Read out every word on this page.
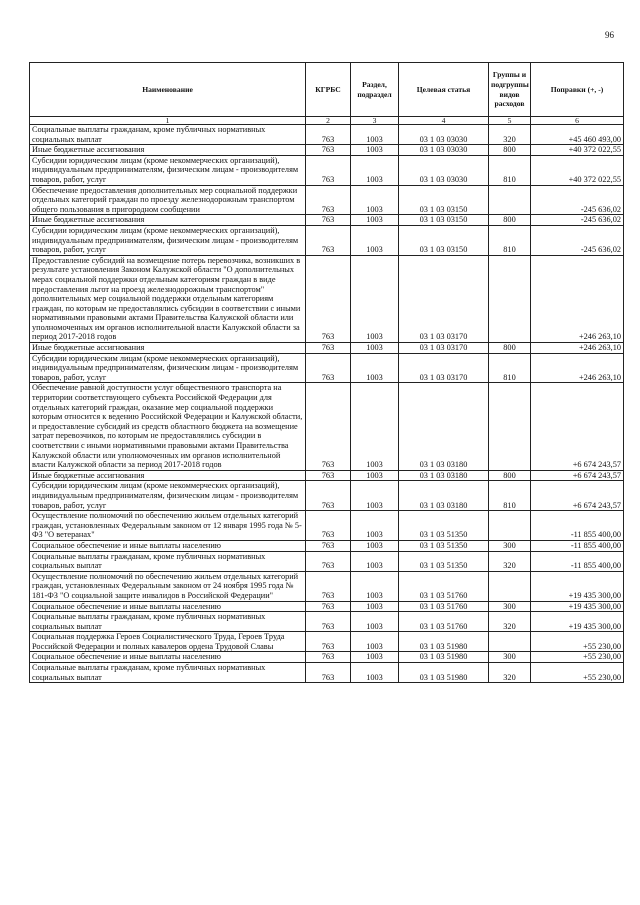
96
Наименование	КГРБС	Раздел, подраздел	Целевая статья	Группы и подгруппы видов расходов	Поправки (+, -)
1	2	3	4	5	6
Социальные выплаты гражданам, кроме публичных нормативных социальных выплат	763	1003	03 1 03 03030	320	+45 460 493,00
Иные бюджетные ассигнования	763	1003	03 1 03 03030	800	+40 372 022,55
Субсидии юридическим лицам (кроме некоммерческих организаций), индивидуальным предпринимателям, физическим лицам - производителям товаров, работ, услуг	763	1003	03 1 03 03030	810	+40 372 022,55
Обеспечение предоставления дополнительных мер социальной поддержки отдельных категорий граждан по проезду железнодорожным транспортом общего пользования в пригородном сообщении	763	1003	03 1 03 03150		-245 636,02
Иные бюджетные ассигнования	763	1003	03 1 03 03150	800	-245 636,02
Субсидии юридическим лицам (кроме некоммерческих организаций), индивидуальным предпринимателям, физическим лицам - производителям товаров, работ, услуг	763	1003	03 1 03 03150	810	-245 636,02
Предоставление субсидий на возмещение потерь перевозчика, возникших в результате установления Законом Калужской области "О дополнительных мерах социальной поддержки отдельным категориям граждан в виде предоставления льгот на проезд железнодорожным транспортом" дополнительных мер социальной поддержки отдельным категориям граждан, по которым не предоставлялись субсидии в соответствии с иными нормативными правовыми актами Правительства Калужской области или уполномоченных им органов исполнительной власти Калужской области за период 2017-2018 годов	763	1003	03 1 03 03170		+246 263,10
Иные бюджетные ассигнования	763	1003	03 1 03 03170	800	+246 263,10
Субсидии юридическим лицам (кроме некоммерческих организаций), индивидуальным предпринимателям, физическим лицам - производителям товаров, работ, услуг	763	1003	03 1 03 03170	810	+246 263,10
Обеспечение равной доступности услуг общественного транспорта на территории соответствующего субъекта Российской Федерации для отдельных категорий граждан, оказание мер социальной поддержки которым относится к ведению Российской Федерации и Калужской области, и предоставление субсидий из средств областного бюджета на возмещение затрат перевозчиков, по которым не предоставлялись субсидии в соответствии с иными нормативными правовыми актами Правительства Калужской области или уполномоченных им органов исполнительной власти Калужской области за период 2017-2018 годов	763	1003	03 1 03 03180		+6 674 243,57
Иные бюджетные ассигнования	763	1003	03 1 03 03180	800	+6 674 243,57
Субсидии юридическим лицам (кроме некоммерческих организаций), индивидуальным предпринимателям, физическим лицам - производителям товаров, работ, услуг	763	1003	03 1 03 03180	810	+6 674 243,57
Осуществление полномочий по обеспечению жильем отдельных категорий граждан, установленных Федеральным законом от 12 января 1995 года № 5-ФЗ "О ветеранах"	763	1003	03 1 03 51350		-11 855 400,00
Социальное обеспечение и иные выплаты населению	763	1003	03 1 03 51350	300	-11 855 400,00
Социальные выплаты гражданам, кроме публичных нормативных социальных выплат	763	1003	03 1 03 51350	320	-11 855 400,00
Осуществление полномочий по обеспечению жильем отдельных категорий граждан, установленных Федеральным законом от 24 ноября 1995 года № 181-ФЗ "О социальной защите инвалидов в Российской Федерации"	763	1003	03 1 03 51760		+19 435 300,00
Социальное обеспечение и иные выплаты населению	763	1003	03 1 03 51760	300	+19 435 300,00
Социальные выплаты гражданам, кроме публичных нормативных социальных выплат	763	1003	03 1 03 51760	320	+19 435 300,00
Социальная поддержка Героев Социалистического Труда, Героев Труда Российской Федерации и полных кавалеров ордена Трудовой Славы	763	1003	03 1 03 51980		+55 230,00
Социальное обеспечение и иные выплаты населению	763	1003	03 1 03 51980	300	+55 230,00
Социальные выплаты гражданам, кроме публичных нормативных социальных выплат	763	1003	03 1 03 51980	320	+55 230,00
